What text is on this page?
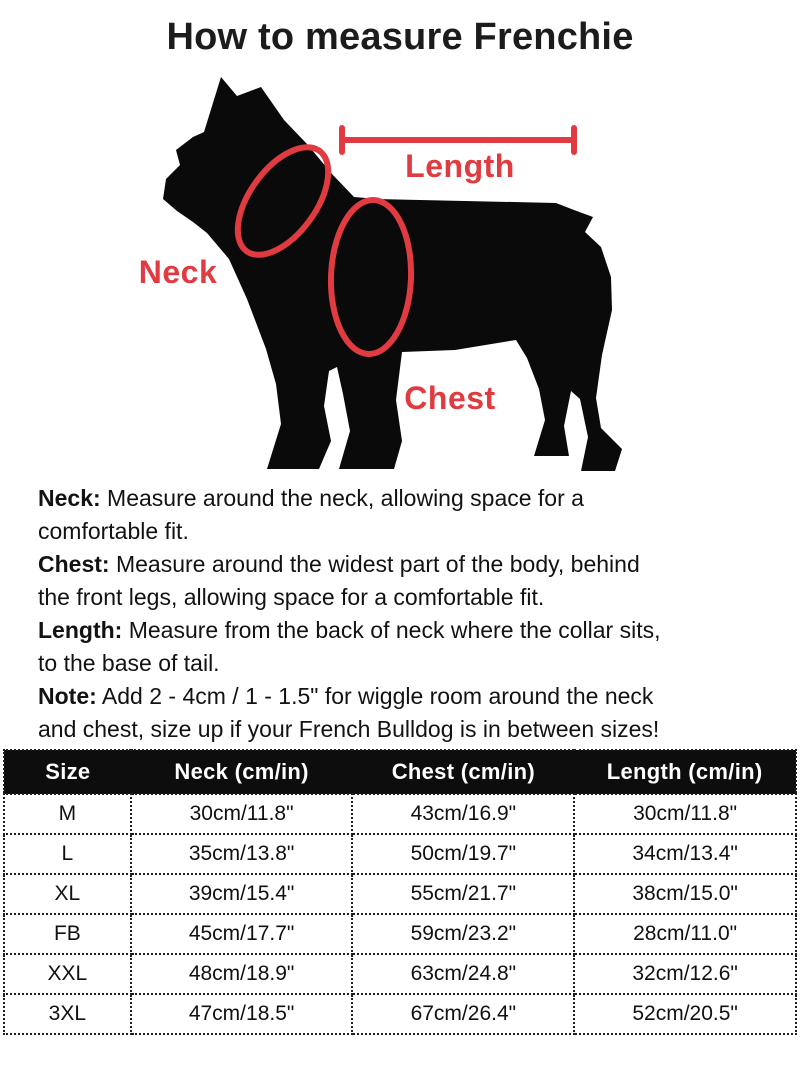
How to measure Frenchie
Length
Neck
Chest

Neck: Measure around the neck, allowing space for a
comfortable fit.

Chest: Measure around the widest part of the body, behind
the front legs, allowing space for a comfortable fit.

Length: Measure from the back of neck where the collar sits,
to the base of tail.

Note: Add 2 - 4cm / 1 - 1.5" for wiggle room around the neck
and chest, size up if your French Bulldog is in between sizes!

Size	Neck (cm/in)	Chest (cm/in)	Length (cm/in)
M	30cm/11.8"	43cm/16.9"	30cm/11.8"
L	35cm/13.8"	50cm/19.7"	34cm/13.4"
XL	39cm/15.4"	55cm/21.7"	38cm/15.0"
FB	45cm/17.7"	59cm/23.2"	28cm/11.0"
XXL	48cm/18.9"	63cm/24.8"	32cm/12.6"
3XL	47cm/18.5"	67cm/26.4"	52cm/20.5"
